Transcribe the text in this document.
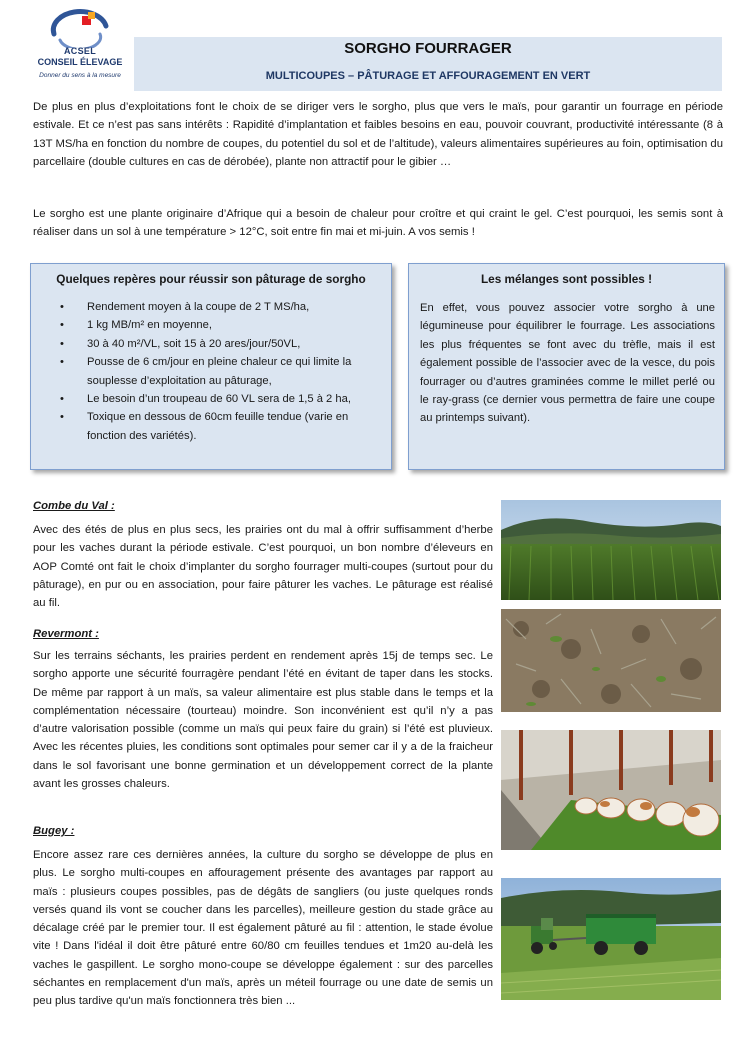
ACSEL
CONSEIL ÉLEVAGE
Donner du sens à la mesure
SORGHO FOURRAGER
MULTICOUPES – PÂTURAGE ET AFFOURAGEMENT EN VERT

De plus en plus d’exploitations font le choix de se diriger vers le sorgho, plus que vers le maïs, pour garantir un fourrage en période estivale. Et ce n’est pas sans intérêts : Rapidité d’implantation et faibles besoins en eau, pouvoir couvrant, productivité intéressante (8 à 13T MS/ha en fonction du nombre de coupes, du potentiel du sol et de l’altitude), valeurs alimentaires supérieures au foin, optimisation du parcellaire (double cultures en cas de dérobée), plante non attractif pour le gibier …

Le sorgho est une plante originaire d’Afrique qui a besoin de chaleur pour croître et qui craint le gel. C’est pourquoi, les semis sont à réaliser dans un sol à une température > 12°C, soit entre fin mai et mi-juin. A vos semis !

Quelques repères pour réussir son pâturage de sorgho
• Rendement moyen à la coupe de 2 T MS/ha,
• 1 kg MB/m² en moyenne,
• 30 à 40 m²/VL, soit 15 à 20 ares/jour/50VL,
• Pousse de 6 cm/jour en pleine chaleur ce qui limite la souplesse d’exploitation au pâturage,
• Le besoin d’un troupeau de 60 VL sera de 1,5 à 2 ha,
• Toxique en dessous de 60cm feuille tendue (varie en fonction des variétés).
Les mélanges sont possibles !

En effet, vous pouvez associer votre sorgho à une légumineuse pour équilibrer le fourrage. Les associations les plus fréquentes se font avec du trèfle, mais il est également possible de l’associer avec de la vesce, du pois fourrager ou d’autres graminées comme le millet perlé ou le ray-grass (ce dernier vous permettra de faire une coupe au printemps suivant).

Combe du Val :

Avec des étés de plus en plus secs, les prairies ont du mal à offrir suffisamment d’herbe pour les vaches durant la période estivale. C’est pourquoi, un bon nombre d’éleveurs en AOP Comté ont fait le choix d’implanter du sorgho fourrager multi-coupes (surtout pour du pâturage), en pur ou en association, pour faire pâturer les vaches. Le pâturage est réalisé au fil.

Revermont :

Sur les terrains séchants, les prairies perdent en rendement après 15j de temps sec. Le sorgho apporte une sécurité fourragère pendant l’été en évitant de taper dans les stocks. De même par rapport à un maïs, sa valeur alimentaire est plus stable dans le temps et la complémentation nécessaire (tourteau) moindre. Son inconvénient est qu’il n’y a pas d’autre valorisation possible (comme un maïs qui peux faire du grain) si l’été est pluvieux. Avec les récentes pluies, les conditions sont optimales pour semer car il y a de la fraicheur dans le sol favorisant une bonne germination et un développement correct de la plante avant les grosses chaleurs.

Bugey :

Encore assez rare ces dernières années, la culture du sorgho se développe de plus en plus. Le sorgho multi-coupes en affouragement présente des avantages par rapport au maïs : plusieurs coupes possibles, pas de dégâts de sangliers (ou juste quelques ronds versés quand ils vont se coucher dans les parcelles), meilleure gestion du stade grâce au décalage créé par le premier tour. Il est également pâturé au fil : attention, le stade évolue vite ! Dans l'idéal il doit être pâturé entre 60/80 cm feuilles tendues et 1m20 au-delà les vaches le gaspillent. Le sorgho mono-coupe se développe également : sur des parcelles séchantes en remplacement d'un maïs, après un méteil fourrage ou une date de semis un peu plus tardive qu'un maïs fonctionnera très bien ...
